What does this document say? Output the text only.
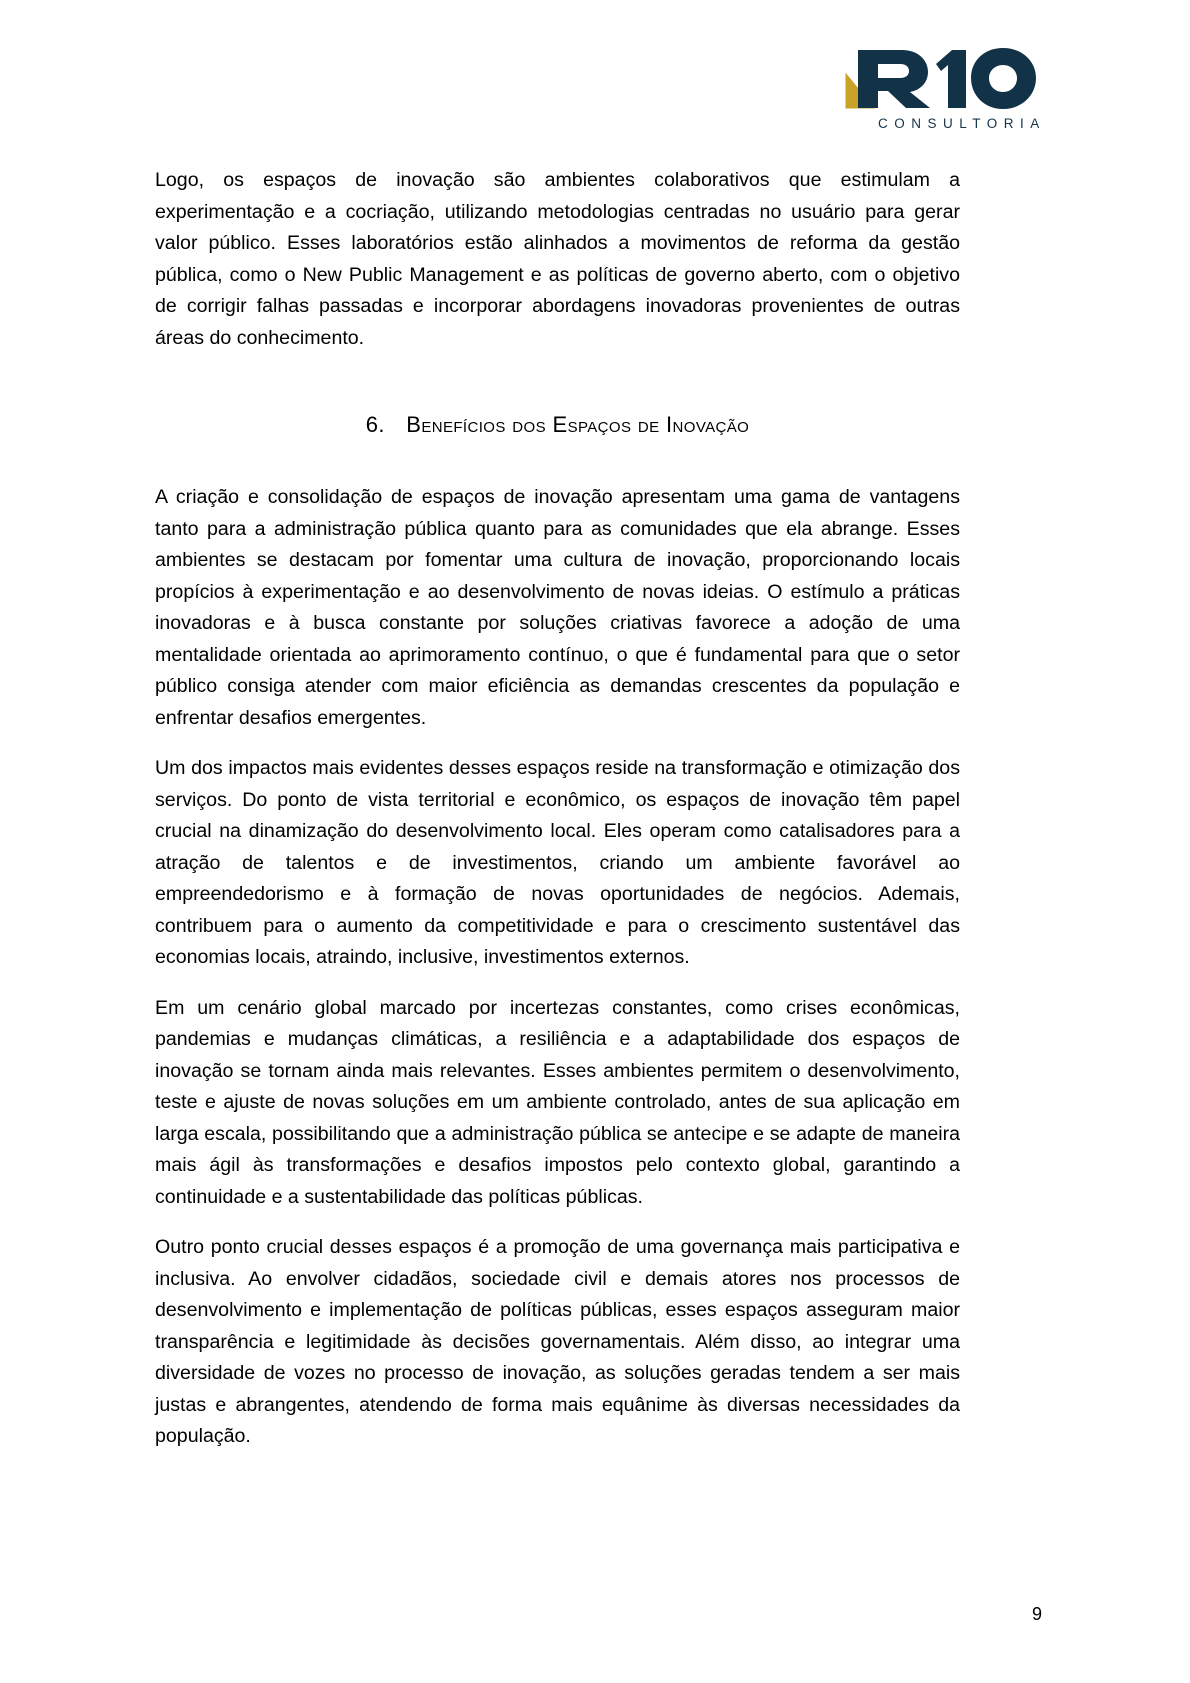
CONSULTORIA

Logo, os espaços de inovação são ambientes colaborativos que estimulam a experimentação e a cocriação, utilizando metodologias centradas no usuário para gerar valor público. Esses laboratórios estão alinhados a movimentos de reforma da gestão pública, como o New Public Management e as políticas de governo aberto, com o objetivo de corrigir falhas passadas e incorporar abordagens inovadoras provenientes de outras áreas do conhecimento.

6. Benefícios dos Espaços de Inovação

A criação e consolidação de espaços de inovação apresentam uma gama de vantagens tanto para a administração pública quanto para as comunidades que ela abrange. Esses ambientes se destacam por fomentar uma cultura de inovação, proporcionando locais propícios à experimentação e ao desenvolvimento de novas ideias. O estímulo a práticas inovadoras e à busca constante por soluções criativas favorece a adoção de uma mentalidade orientada ao aprimoramento contínuo, o que é fundamental para que o setor público consiga atender com maior eficiência as demandas crescentes da população e enfrentar desafios emergentes.

Um dos impactos mais evidentes desses espaços reside na transformação e otimização dos serviços. Do ponto de vista territorial e econômico, os espaços de inovação têm papel crucial na dinamização do desenvolvimento local. Eles operam como catalisadores para a atração de talentos e de investimentos, criando um ambiente favorável ao empreendedorismo e à formação de novas oportunidades de negócios. Ademais, contribuem para o aumento da competitividade e para o crescimento sustentável das economias locais, atraindo, inclusive, investimentos externos.

Em um cenário global marcado por incertezas constantes, como crises econômicas, pandemias e mudanças climáticas, a resiliência e a adaptabilidade dos espaços de inovação se tornam ainda mais relevantes. Esses ambientes permitem o desenvolvimento, teste e ajuste de novas soluções em um ambiente controlado, antes de sua aplicação em larga escala, possibilitando que a administração pública se antecipe e se adapte de maneira mais ágil às transformações e desafios impostos pelo contexto global, garantindo a continuidade e a sustentabilidade das políticas públicas.

Outro ponto crucial desses espaços é a promoção de uma governança mais participativa e inclusiva. Ao envolver cidadãos, sociedade civil e demais atores nos processos de desenvolvimento e implementação de políticas públicas, esses espaços asseguram maior transparência e legitimidade às decisões governamentais. Além disso, ao integrar uma diversidade de vozes no processo de inovação, as soluções geradas tendem a ser mais justas e abrangentes, atendendo de forma mais equânime às diversas necessidades da população.

9
